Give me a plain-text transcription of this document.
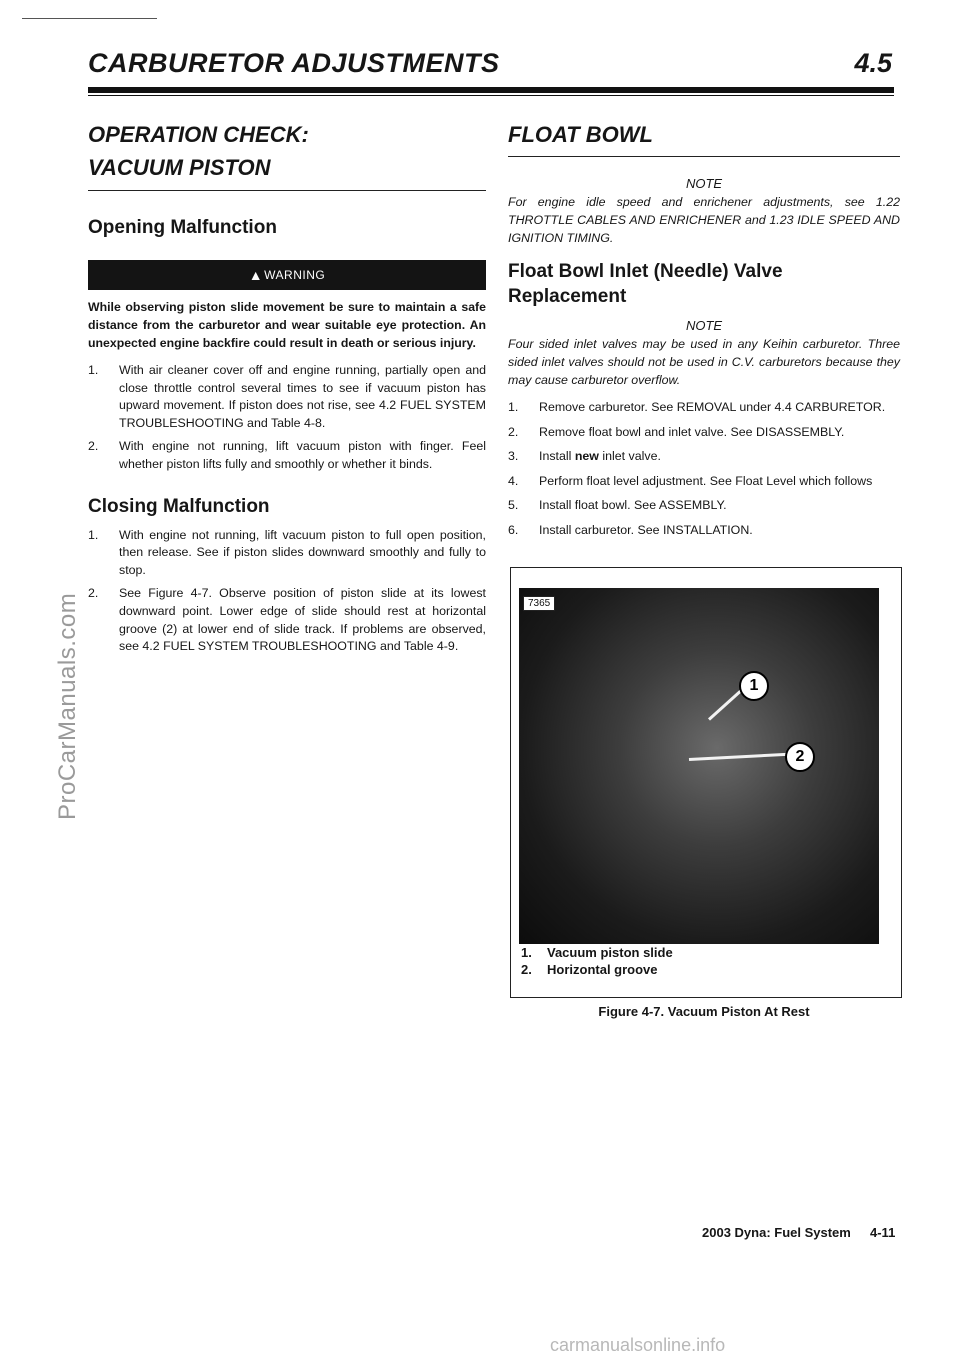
CARBURETOR ADJUSTMENTS	4.5
OPERATION CHECK:
VACUUM PISTON
Opening Malfunction
▲ WARNING

While observing piston slide movement be sure to maintain a safe distance from the carburetor and wear suitable eye protection. An unexpected engine backfire could result in death or serious injury.

1.	With air cleaner cover off and engine running, partially open and close throttle control several times to see if vacuum piston has upward movement. If piston does not rise, see 4.2 FUEL SYSTEM TROUBLESHOOTING and Table 4-8.
2.	With engine not running, lift vacuum piston with finger. Feel whether piston lifts fully and smoothly or whether it binds.
Closing Malfunction
1.	With engine not running, lift vacuum piston to full open position, then release. See if piston slides downward smoothly and fully to stop.
2.	See Figure 4-7. Observe position of piston slide at its lowest downward point. Lower edge of slide should rest at horizontal groove (2) at lower end of slide track. If problems are observed, see 4.2 FUEL SYSTEM TROUBLESHOOTING and Table 4-9.
FLOAT BOWL
NOTE

For engine idle speed and enrichener adjustments, see 1.22 THROTTLE CABLES AND ENRICHENER and 1.23 IDLE SPEED AND IGNITION TIMING.

Float Bowl Inlet (Needle) Valve
Replacement
NOTE

Four sided inlet valves may be used in any Keihin carburetor. Three sided inlet valves should not be used in C.V. carburetors because they may cause carburetor overflow.

1.	Remove carburetor. See REMOVAL under 4.4 CARBURETOR.
2.	Remove float bowl and inlet valve. See DISASSEMBLY.
3.	Install new inlet valve.
4.	Perform float level adjustment. See Float Level which follows
5.	Install float bowl. See ASSEMBLY.
6.	Install carburetor. See INSTALLATION.
7365
1
2
1. Vacuum piston slide
2. Horizontal groove
Figure 4-7. Vacuum Piston At Rest
2003 Dyna: Fuel System 4-11
ProCarManuals.com
carmanualsonline.info
